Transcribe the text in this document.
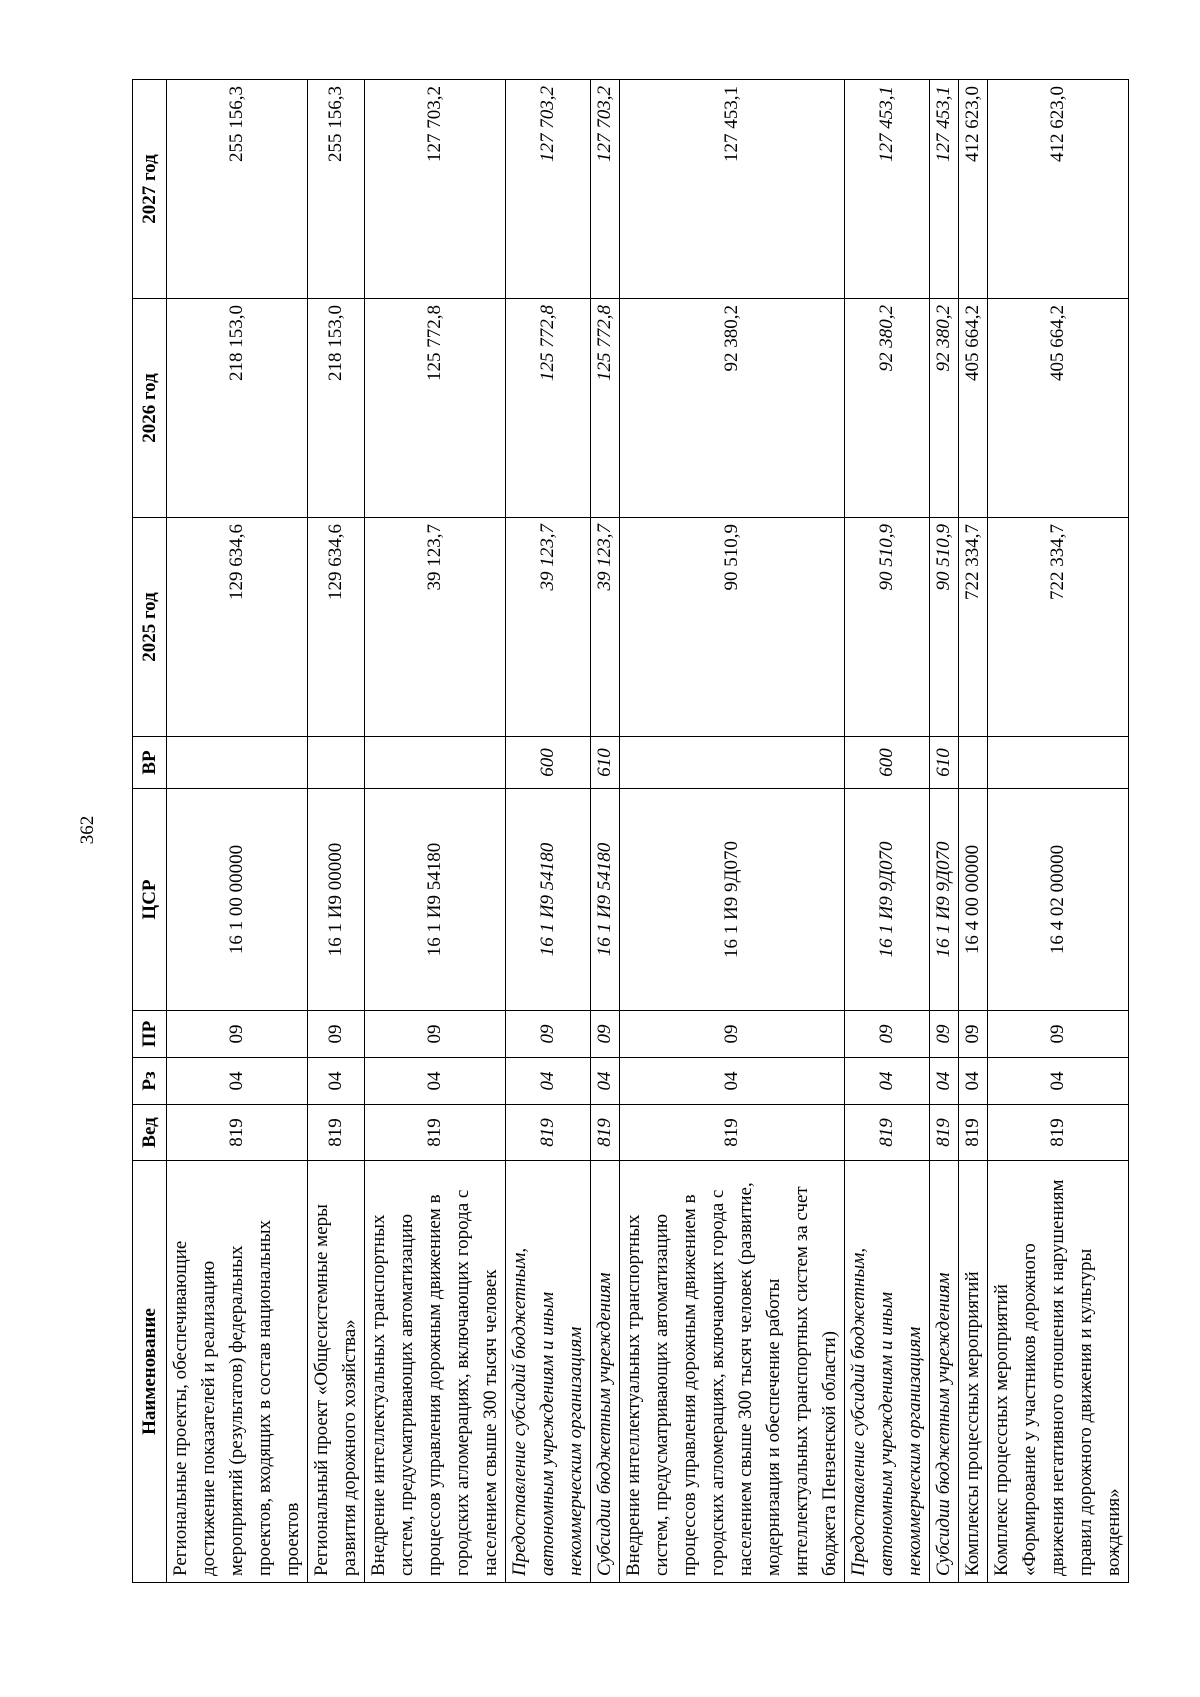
362
Наименование	Вед	Рз	ПР	ЦСР	ВР	2025 год	2026 год	2027 год
Региональные проекты, обеспечивающие достижение показателей и реализацию мероприятий (результатов) федеральных проектов, входящих в состав национальных проектов	819	04	09	16 1 00 00000		129 634,6	218 153,0	255 156,3
Региональный проект «Общесистемные меры развития дорожного хозяйства»	819	04	09	16 1 И9 00000		129 634,6	218 153,0	255 156,3
Внедрение интеллектуальных транспортных систем, предусматривающих автоматизацию процессов управления дорожным движением в городских агломерациях, включающих города с населением свыше 300 тысяч человек	819	04	09	16 1 И9 54180		39 123,7	125 772,8	127 703,2
Предоставление субсидий бюджетным, автономным учреждениям и иным некоммерческим организациям	819	04	09	16 1 И9 54180	600	39 123,7	125 772,8	127 703,2
Субсидии бюджетным учреждениям	819	04	09	16 1 И9 54180	610	39 123,7	125 772,8	127 703,2
Внедрение интеллектуальных транспортных систем, предусматривающих автоматизацию процессов управления дорожным движением в городских агломерациях, включающих города с населением свыше 300 тысяч человек (развитие, модернизация и обеспечение работы интеллектуальных транспортных систем за счет бюджета Пензенской области)	819	04	09	16 1 И9 9Д070		90 510,9	92 380,2	127 453,1
Предоставление субсидий бюджетным, автономным учреждениям и иным некоммерческим организациям	819	04	09	16 1 И9 9Д070	600	90 510,9	92 380,2	127 453,1
Субсидии бюджетным учреждениям	819	04	09	16 1 И9 9Д070	610	90 510,9	92 380,2	127 453,1
Комплексы процессных мероприятий	819	04	09	16 4 00 00000		722 334,7	405 664,2	412 623,0
Комплекс процессных мероприятий «Формирование у участников дорожного движения негативного отношения к нарушениям правил дорожного движения и культуры вождения»	819	04	09	16 4 02 00000		722 334,7	405 664,2	412 623,0
